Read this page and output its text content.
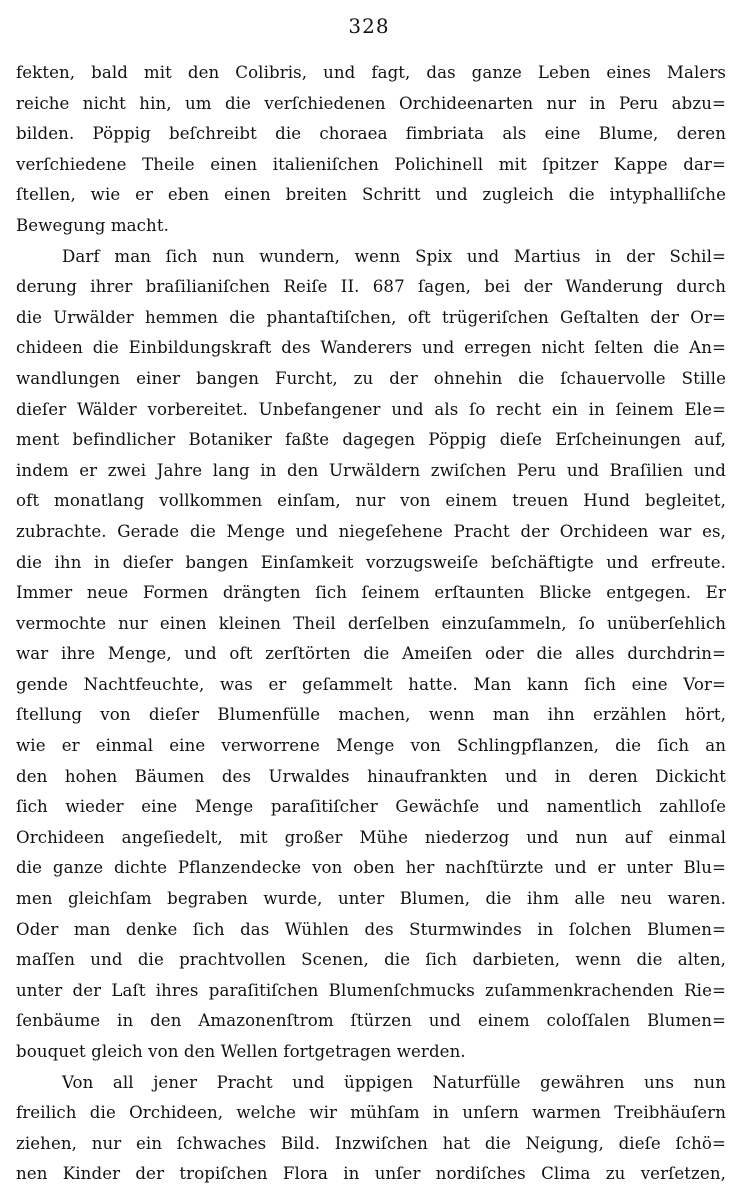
328
fekten, bald mit den Colibris, und fagt, das ganze Leben eines Malers
reiche nicht hin, um die verſchiedenen Orchideenarten nur in Peru abzu=
bilden. Pöppig beſchreibt die choraea fimbriata als eine Blume, deren
verſchiedene Theile einen italieniſchen Polichinell mit ſpitzer Kappe dar=
ſtellen, wie er eben einen breiten Schritt und zugleich die intyphalliſche
Bewegung macht.
Darf man ſich nun wundern, wenn Spix und Martius in der Schil=
derung ihrer braſilianiſchen Reiſe II. 687 ſagen, bei der Wanderung durch
die Urwälder hemmen die phantaſtiſchen, oft trügeriſchen Geſtalten der Or=
chideen die Einbildungskraft des Wanderers und erregen nicht ſelten die An=
wandlungen einer bangen Furcht, zu der ohnehin die ſchauervolle Stille
dieſer Wälder vorbereitet. Unbefangener und als ſo recht ein in ſeinem Ele=
ment befindlicher Botaniker faßte dagegen Pöppig dieſe Erſcheinungen auf,
indem er zwei Jahre lang in den Urwäldern zwiſchen Peru und Braſilien und
oft monatlang vollkommen einſam, nur von einem treuen Hund begleitet,
zubrachte. Gerade die Menge und niegeſehene Pracht der Orchideen war es,
die ihn in dieſer bangen Einſamkeit vorzugsweiſe beſchäftigte und erfreute.
Immer neue Formen drängten ſich ſeinem erſtaunten Blicke entgegen. Er
vermochte nur einen kleinen Theil derſelben einzuſammeln, ſo unüberſehlich
war ihre Menge, und oft zerſtörten die Ameiſen oder die alles durchdrin=
gende Nachtfeuchte, was er geſammelt hatte. Man kann ſich eine Vor=
ſtellung von dieſer Blumenfülle machen, wenn man ihn erzählen hört,
wie er einmal eine verworrene Menge von Schlingpflanzen, die ſich an
den hohen Bäumen des Urwaldes hinaufrankten und in deren Dickicht
ſich wieder eine Menge paraſitiſcher Gewächſe und namentlich zahlloſe
Orchideen angeſiedelt, mit großer Mühe niederzog und nun auf einmal
die ganze dichte Pflanzendecke von oben her nachſtürzte und er unter Blu=
men gleichſam begraben wurde, unter Blumen, die ihm alle neu waren.
Oder man denke ſich das Wühlen des Sturmwindes in ſolchen Blumen=
maſſen und die prachtvollen Scenen, die ſich darbieten, wenn die alten,
unter der Laſt ihres paraſitiſchen Blumenſchmucks zuſammenkrachenden Rie=
ſenbäume in den Amazonenſtrom ſtürzen und einem coloſſalen Blumen=
bouquet gleich von den Wellen fortgetragen werden.
Von all jener Pracht und üppigen Naturfülle gewähren uns nun
freilich die Orchideen, welche wir mühſam in unſern warmen Treibhäuſern
ziehen, nur ein ſchwaches Bild. Inzwiſchen hat die Neigung, dieſe ſchö=
nen Kinder der tropiſchen Flora in unſer nordiſches Clima zu verſetzen,
